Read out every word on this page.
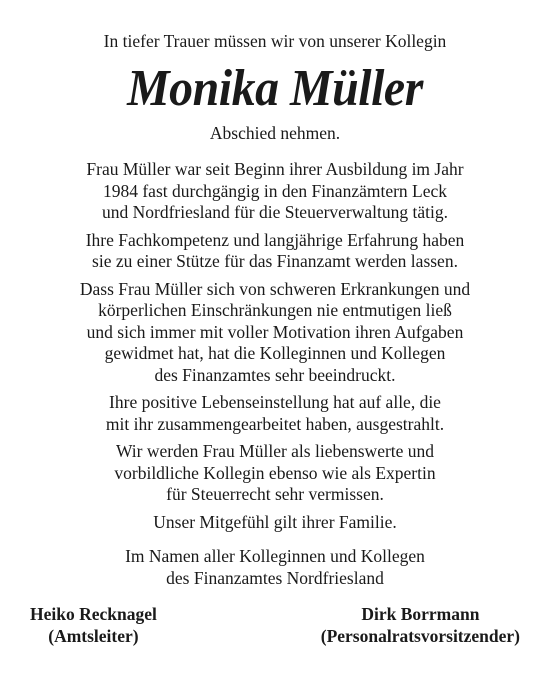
In tiefer Trauer müssen wir von unserer Kollegin

Monika Müller

Abschied nehmen.

Frau Müller war seit Beginn ihrer Ausbildung im Jahr
1984 fast durchgängig in den Finanzämtern Leck
und Nordfriesland für die Steuerverwaltung tätig.

Ihre Fachkompetenz und langjährige Erfahrung haben
sie zu einer Stütze für das Finanzamt werden lassen.

Dass Frau Müller sich von schweren Erkrankungen und
körperlichen Einschränkungen nie entmutigen ließ
und sich immer mit voller Motivation ihren Aufgaben
gewidmet hat, hat die Kolleginnen und Kollegen
des Finanzamtes sehr beeindruckt.

Ihre positive Lebenseinstellung hat auf alle, die
mit ihr zusammengearbeitet haben, ausgestrahlt.

Wir werden Frau Müller als liebenswerte und
vorbildliche Kollegin ebenso wie als Expertin
für Steuerrecht sehr vermissen.

Unser Mitgefühl gilt ihrer Familie.

Im Namen aller Kolleginnen und Kollegen
des Finanzamtes Nordfriesland

Heiko Recknagel
(Amtsleiter)
Dirk Borrmann
(Personalratsvorsitzender)
